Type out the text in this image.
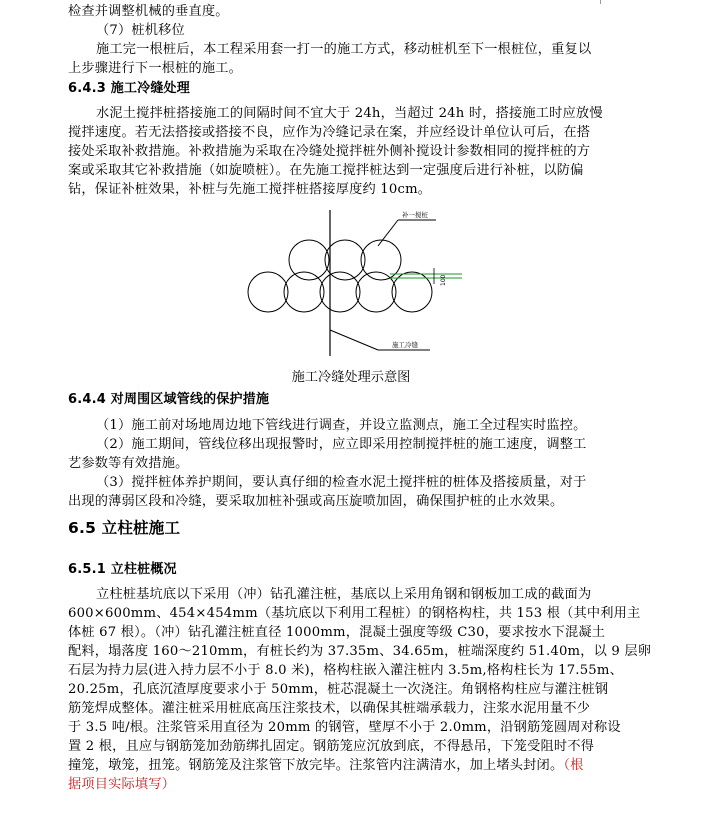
检查并调整机械的垂直度。
（7）桩机移位
施工完一根桩后，本工程采用套一打一的施工方式，移动桩机至下一根桩位，重复以
上步骤进行下一根桩的施工。
6.4.3 施工冷缝处理
水泥土搅拌桩搭接施工的间隔时间不宜大于 24h，当超过 24h 时，搭接施工时应放慢
搅拌速度。若无法搭接或搭接不良，应作为冷缝记录在案，并应经设计单位认可后，在搭
接处采取补救措施。补救措施为采取在冷缝处搅拌桩外侧补搅设计参数相同的搅拌桩的方
案或采取其它补救措施（如旋喷桩）。在先施工搅拌桩达到一定强度后进行补桩，以防偏
钻，保证补桩效果，补桩与先施工搅拌桩搭接厚度约 10cm。
补一搅桩
施工冷缝
100
施工冷缝处理示意图
6.4.4 对周围区域管线的保护措施
（1）施工前对场地周边地下管线进行调查，并设立监测点，施工全过程实时监控。
（2）施工期间，管线位移出现报警时，应立即采用控制搅拌桩的施工速度，调整工
艺参数等有效措施。
（3）搅拌桩体养护期间，要认真仔细的检查水泥土搅拌桩的桩体及搭接质量，对于
出现的薄弱区段和冷缝，要采取加桩补强或高压旋喷加固，确保围护桩的止水效果。
6.5 立柱桩施工
6.5.1 立柱桩概况
立柱桩基坑底以下采用（冲）钻孔灌注桩，基底以上采用角钢和钢板加工成的截面为
600×600mm、454×454mm（基坑底以下利用工程桩）的钢格构柱，共 153 根（其中利用主
体桩 67 根）。（冲）钻孔灌注桩直径 1000mm，混凝土强度等级 C30，要求按水下混凝土
配料，塌落度 160～210mm，有桩长约为 37.35m、34.65m，桩端深度约 51.40m，以 9 层卵
石层为持力层(进入持力层不小于 8.0 米)，格构柱嵌入灌注桩内 3.5m,格构柱长为 17.55m、
20.25m，孔底沉渣厚度要求小于 50mm，桩芯混凝土一次浇注。角钢格构柱应与灌注桩钢
筋笼焊成整体。灌注桩采用桩底高压注浆技术，以确保其桩端承载力，注浆水泥用量不少
于 3.5 吨/根。注浆管采用直径为 20mm 的钢管，壁厚不小于 2.0mm，沿钢筋笼圆周对称设
置 2 根，且应与钢筋笼加劲筋绑扎固定。钢筋笼应沉放到底，不得悬吊，下笼受阻时不得
撞笼，墩笼，扭笼。钢筋笼及注浆管下放完毕。注浆管内注满清水，加上堵头封闭。（根
据项目实际填写）
